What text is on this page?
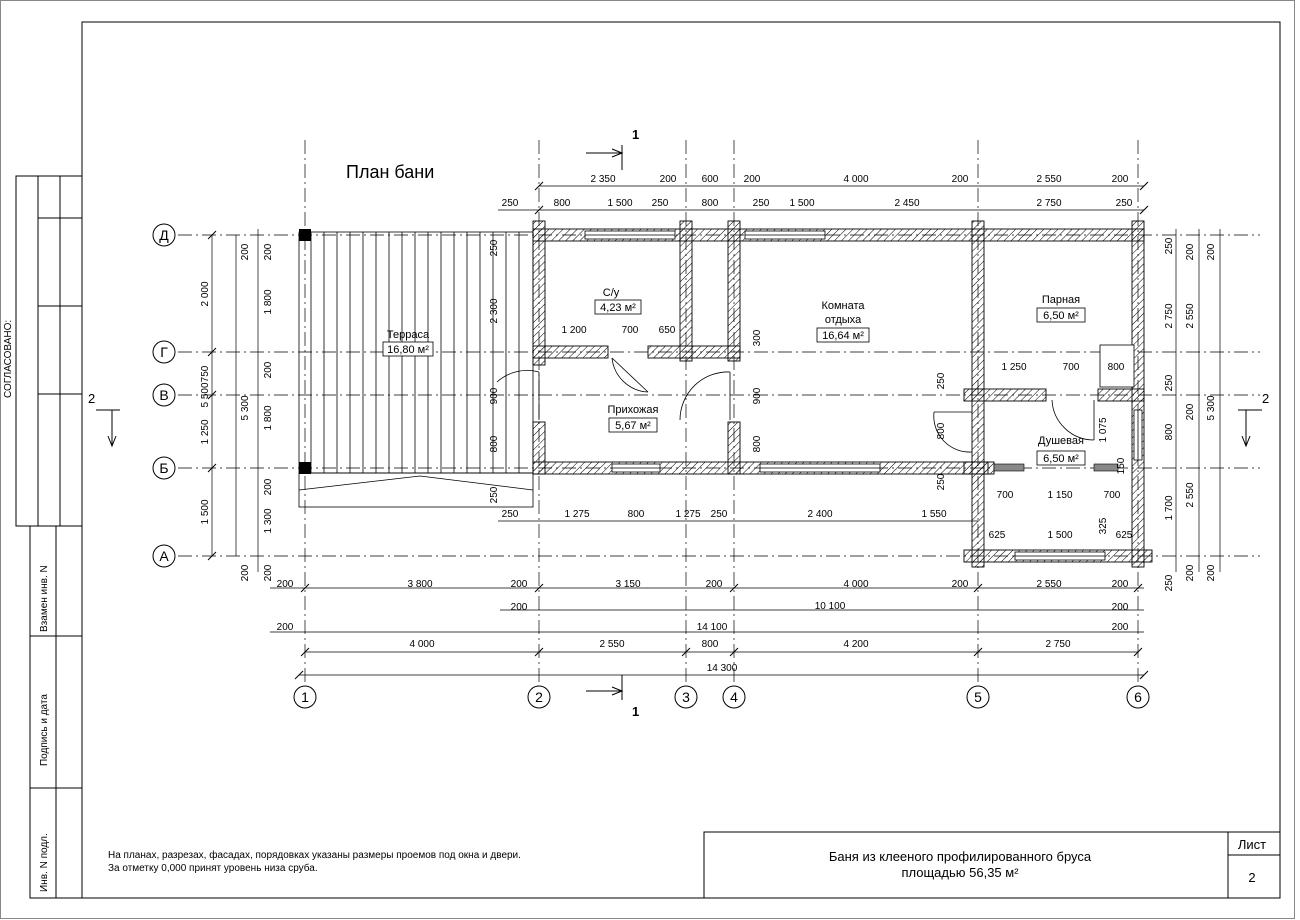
СОГЛАСОВАНО:
Взамен инв. N
Подпись и дата
Инв. N подл.
План бани
1	2	3	4	5	6
Д
Г
В
Б
А
1
1
2	2
Терраса
16,80 м²
С/у
4,23 м²	Комната
отдыха
16,64 м²
Парная
6,50 м²
Прихожая
5,67 м²
Душевая
6,50 м²
2 350	200	600	200	4 000	200	2 550	200
250	800	1 500 250	800	250 1 500	2 450	2 750	250
250	1 275	800	1 275 250	2 400	1 550
200	3 800	200	3 150	200	4 000	200	2 550	200
200	10 100	200
200	14 100	200
4 000	2 550	800	4 200	2 750
14 300
2 000
750
1 250
1 500
5 500
5 300
200
1 800
200
1 800
200
1 300
200
200
200
250
2 300
250
900
800
1 200	700 650	300
900
800
1 250	700	800
250
800
250
1 075
150
700	1 150	700
625	1 500	625
325
250
2 750
250
800
1 700
250
2 550
200
2 550
200 200
5 300
200 200
Баня из клееного профилированного бруса
площадью 56,35 м²
Лист
2
На планах, разрезах, фасадах, порядовках указаны размеры проемов под окна и двери.
За отметку 0,000 принят уровень низа сруба.
